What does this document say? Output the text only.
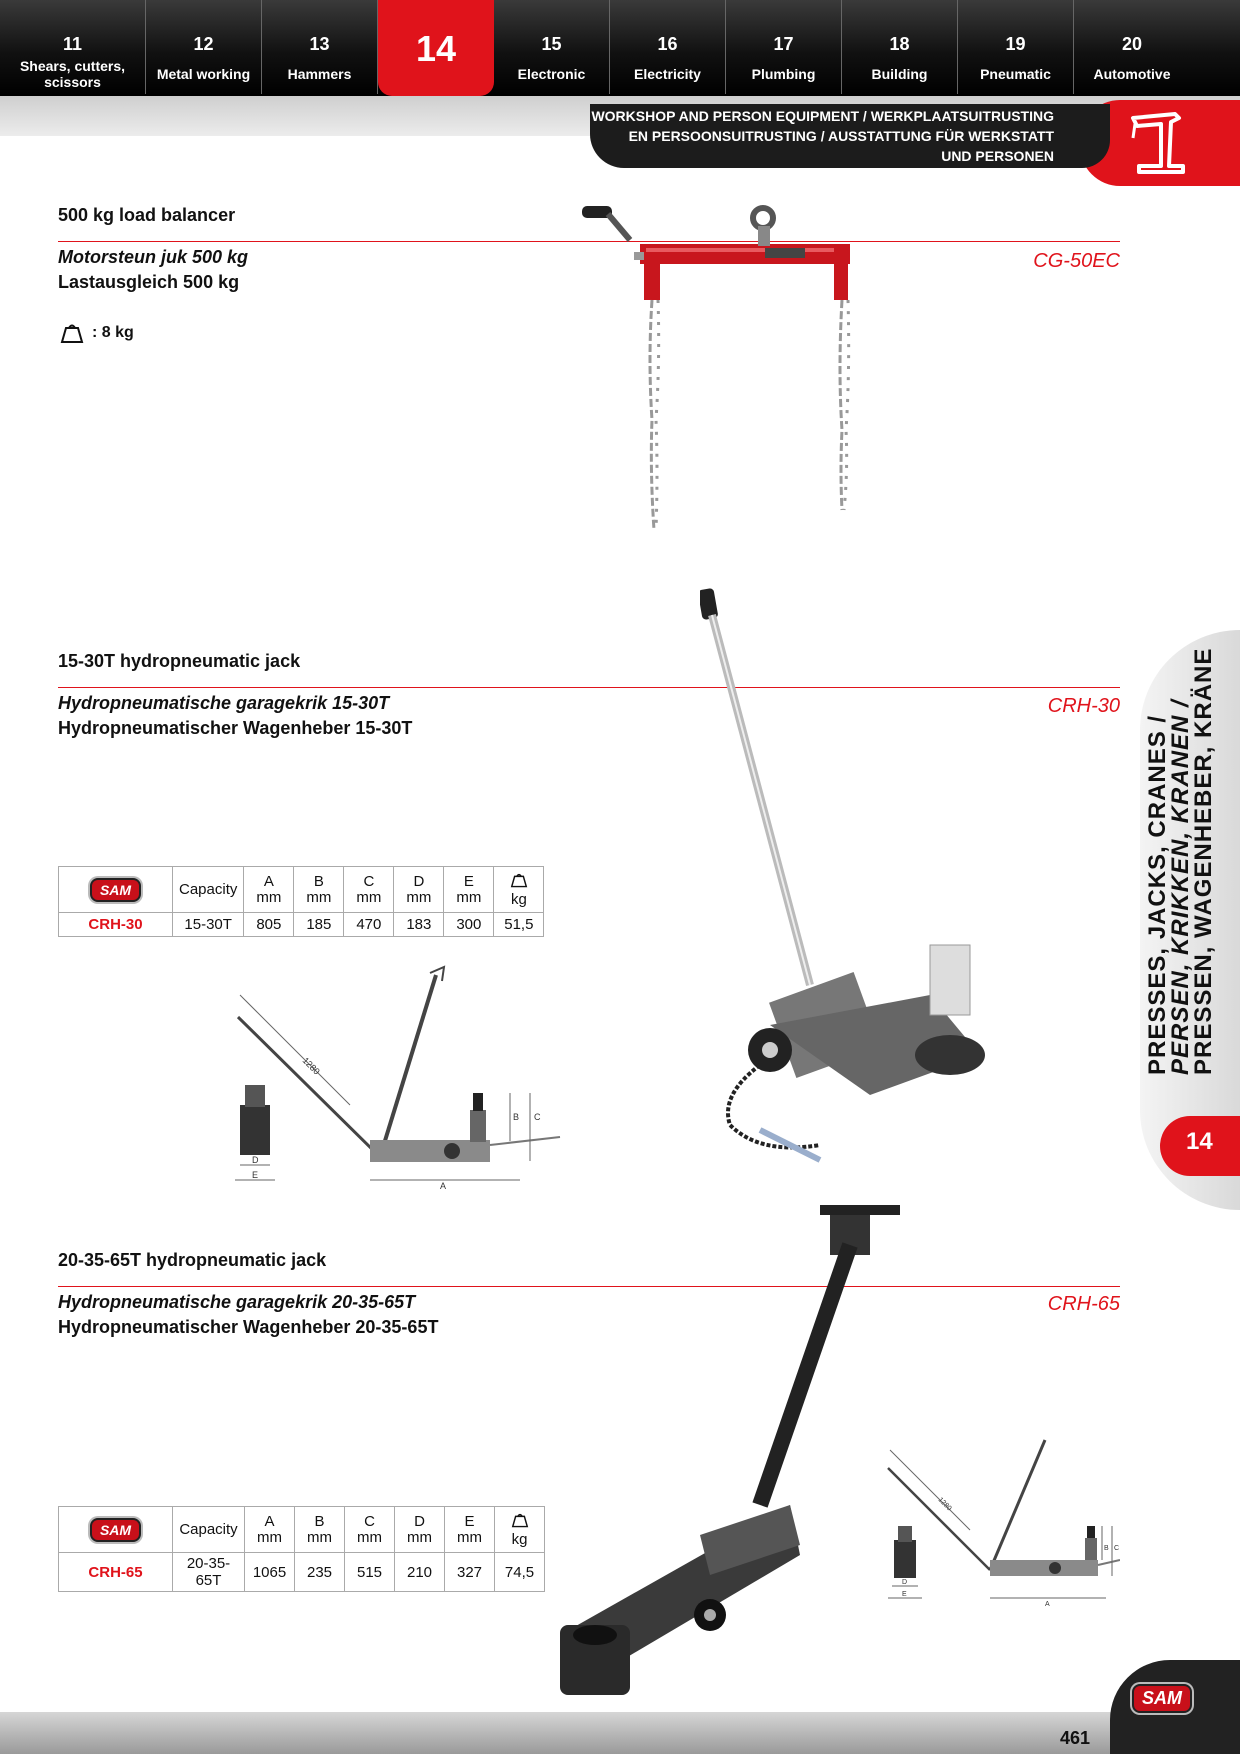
11
Shears, cutters, scissors
12
Metal working
13
Hammers
14	15
Electronic
16
Electricity
17
Plumbing
18
Building
19
Pneumatic
20
Automotive
WORKSHOP AND PERSON EQUIPMENT / WERKPLAATSUITRUSTING
EN PERSOONSUITRUSTING / AUSSTATTUNG FÜR WERKSTATT
UND PERSONEN
500 kg load balancer
Motorsteun juk 500 kg
Lastausgleich 500 kg
CG-50EC
: 8 kg
15-30T hydropneumatic jack
Hydropneumatische garagekrik 15-30T
Hydropneumatischer Wagenheber 15-30T
CRH-30
SAM	Capacity	A mm	B mm	C mm	D mm	E mm	kg
CRH-30	15-30T	805	185	470	183	300	51,5
1280
B C
A
D
E
20-35-65T hydropneumatic jack
Hydropneumatische garagekrik 20-35-65T
Hydropneumatischer Wagenheber 20-35-65T
CRH-65
SAM	Capacity	A mm	B mm	C mm	D mm	E mm	kg
CRH-65	20-35-65T	1065	235	515	210	327	74,5
1280
B C
A
D
E
PRESSES, JACKS, CRANES /
PERSEN, KRIKKEN, KRANEN /
PRESSEN, WAGENHEBER, KRÄNE
14
461
SAM
